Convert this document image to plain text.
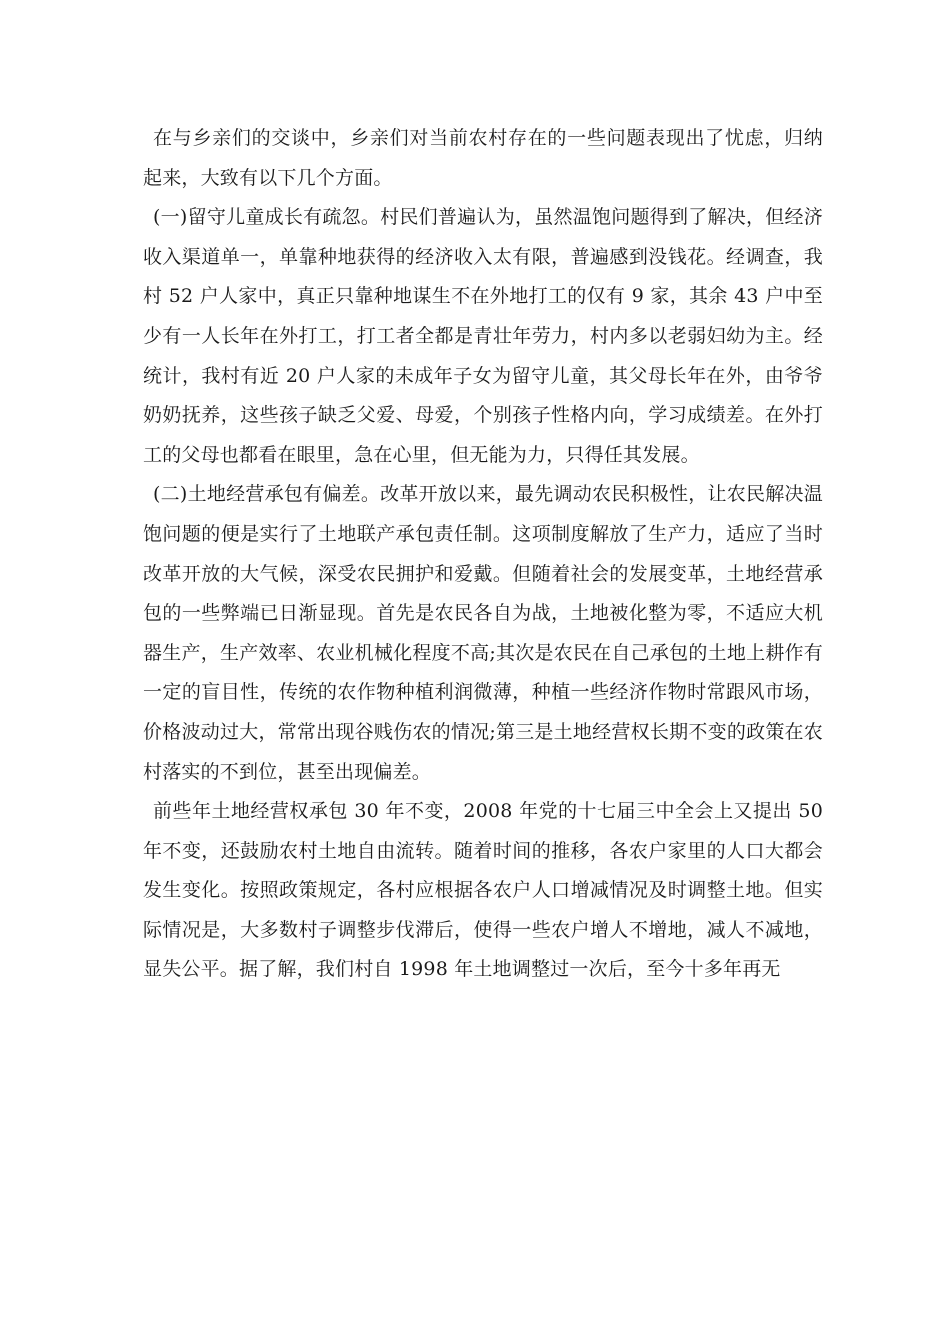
在与乡亲们的交谈中，乡亲们对当前农村存在的一些问题表现出了忧虑，归纳起来，大致有以下几个方面。

(一)留守儿童成长有疏忽。村民们普遍认为，虽然温饱问题得到了解决，但经济收入渠道单一，单靠种地获得的经济收入太有限，普遍感到没钱花。经调查，我村 52 户人家中，真正只靠种地谋生不在外地打工的仅有 9 家，其余 43 户中至少有一人长年在外打工，打工者全都是青壮年劳力，村内多以老弱妇幼为主。经统计，我村有近 20 户人家的未成年子女为留守儿童，其父母长年在外，由爷爷奶奶抚养，这些孩子缺乏父爱、母爱，个别孩子性格内向，学习成绩差。在外打工的父母也都看在眼里，急在心里，但无能为力，只得任其发展。

(二)土地经营承包有偏差。改革开放以来，最先调动农民积极性，让农民解决温饱问题的便是实行了土地联产承包责任制。这项制度解放了生产力，适应了当时改革开放的大气候，深受农民拥护和爱戴。但随着社会的发展变革，土地经营承包的一些弊端已日渐显现。首先是农民各自为战，土地被化整为零，不适应大机器生产，生产效率、农业机械化程度不高;其次是农民在自己承包的土地上耕作有一定的盲目性，传统的农作物种植利润微薄，种植一些经济作物时常跟风市场，价格波动过大，常常出现谷贱伤农的情况;第三是土地经营权长期不变的政策在农村落实的不到位，甚至出现偏差。

前些年土地经营权承包 30 年不变，2008 年党的十七届三中全会上又提出 50 年不变，还鼓励农村土地自由流转。随着时间的推移，各农户家里的人口大都会发生变化。按照政策规定，各村应根据各农户人口增减情况及时调整土地。但实际情况是，大多数村子调整步伐滞后，使得一些农户增人不增地，减人不减地，显失公平。据了解，我们村自 1998 年土地调整过一次后，至今十多年再无
